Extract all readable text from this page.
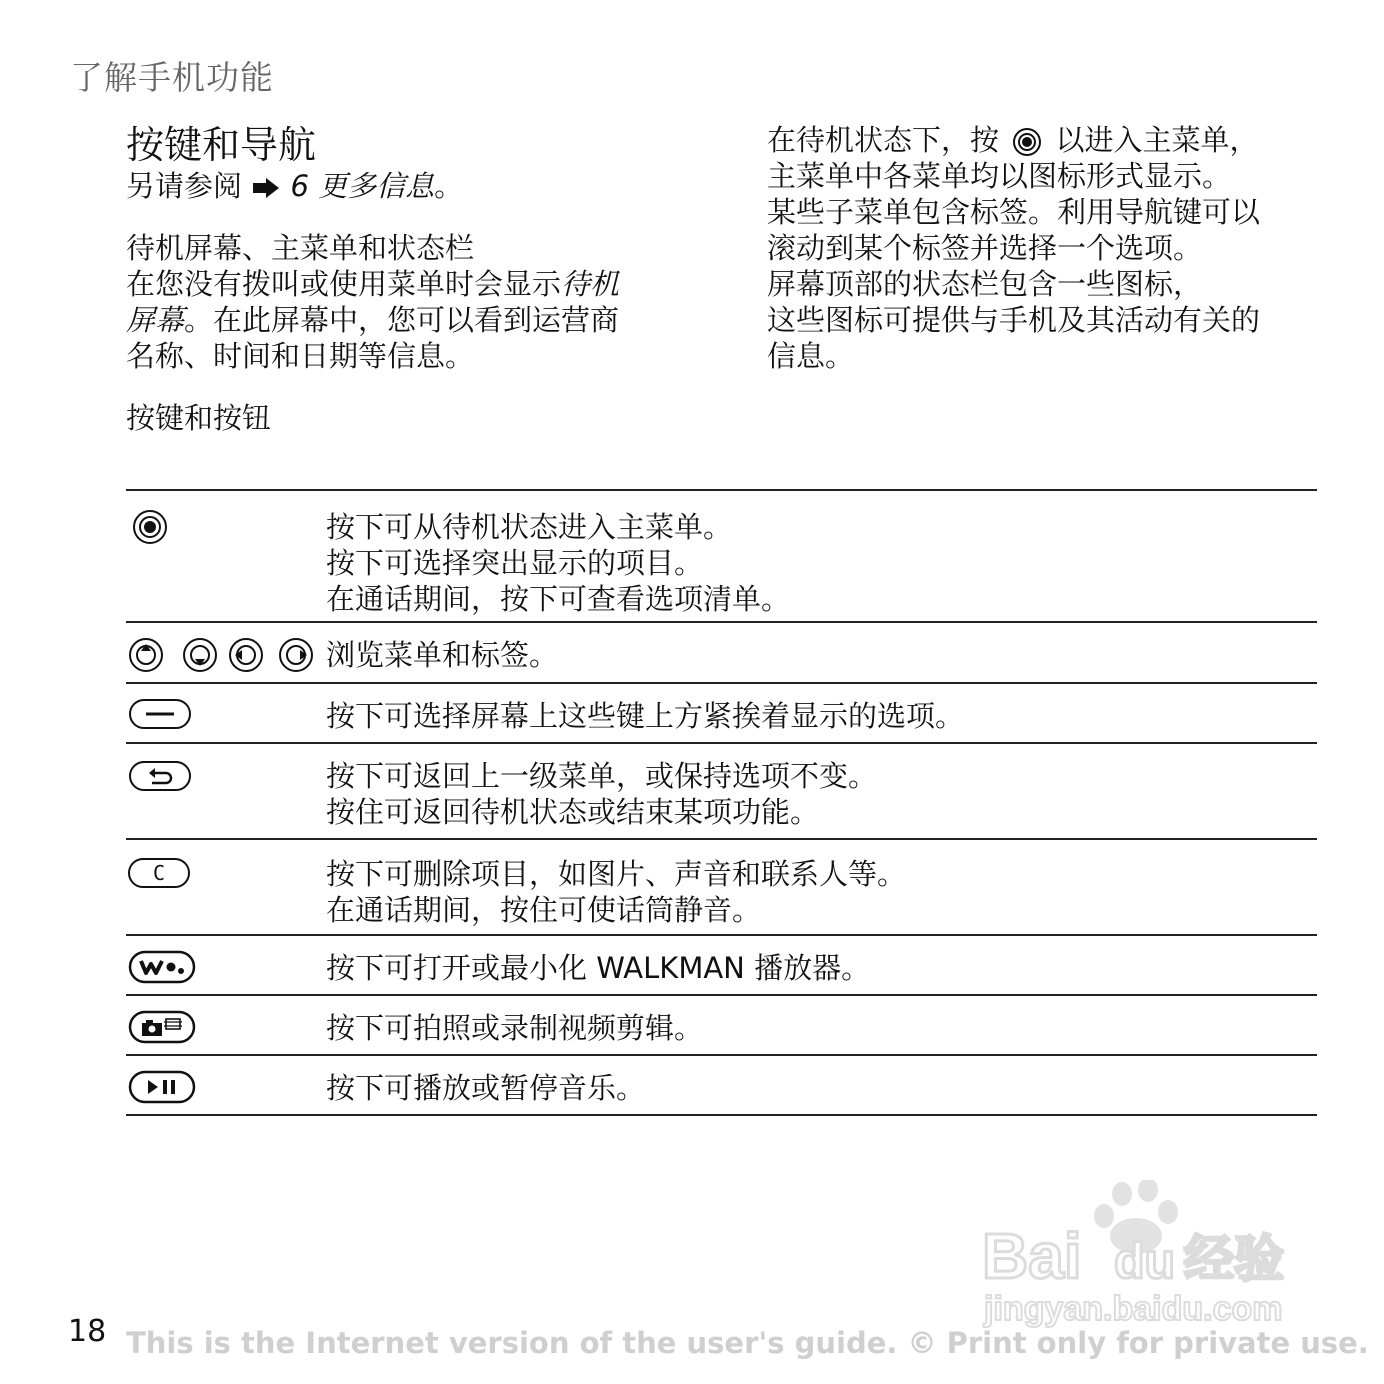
了解手机功能
按键和导航
另请参阅 6 更多信息。
待机屏幕、主菜单和状态栏
在您没有拨叫或使用菜单时会显示待机
屏幕。在此屏幕中，您可以看到运营商
名称、时间和日期等信息。
按键和按钮
在待机状态下，按 以进入主菜单，
主菜单中各菜单均以图标形式显示。
某些子菜单包含标签。利用导航键可以
滚动到某个标签并选择一个选项。
屏幕顶部的状态栏包含一些图标，
这些图标可提供与手机及其活动有关的
信息。
按下可从待机状态进入主菜单。
按下可选择突出显示的项目。
在通话期间，按下可查看选项清单。
浏览菜单和标签。
按下可选择屏幕上这些键上方紧挨着显示的选项。
按下可返回上一级菜单，或保持选项不变。
按住可返回待机状态或结束某项功能。
C	按下可删除项目，如图片、声音和联系人等。
在通话期间，按住可使话筒静音。
按下可打开或最小化 WALKMAN 播放器。
按下可拍照或录制视频剪辑。
按下可播放或暂停音乐。
Bai du 经验
jingyan.baidu.com
18 This is the Internet version of the user's guide. © Print only for private use.
